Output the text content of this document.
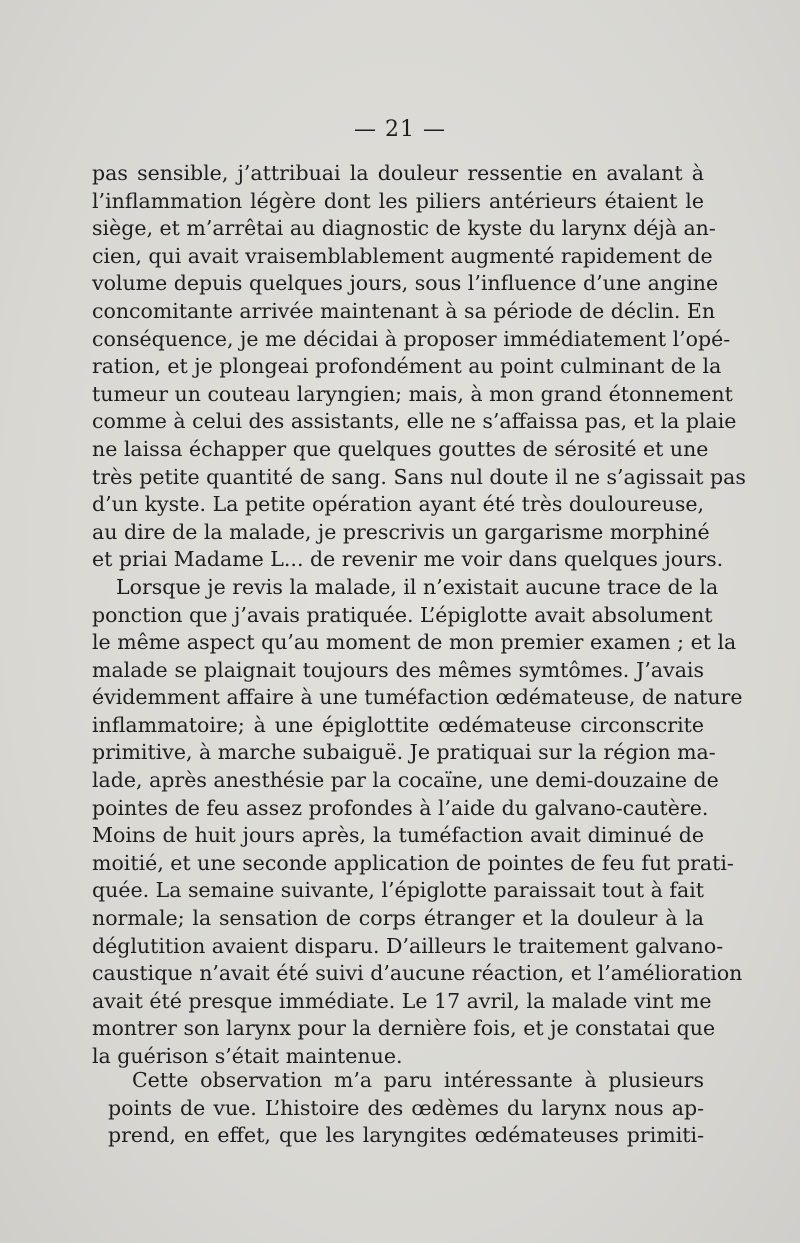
— 21 —
pas sensible, j’attribuai la douleur ressentie en avalant à
l’inflammation légère dont les piliers antérieurs étaient le
siège, et m’arrêtai au diagnostic de kyste du larynx déjà an-
cien, qui avait vraisemblablement augmenté rapidement de
volume depuis quelques jours, sous l’influence d’une angine
concomitante arrivée maintenant à sa période de déclin. En
conséquence, je me décidai à proposer immédiatement l’opé-
ration, et je plongeai profondément au point culminant de la
tumeur un couteau laryngien; mais, à mon grand étonnement
comme à celui des assistants, elle ne s’affaissa pas, et la plaie
ne laissa échapper que quelques gouttes de sérosité et une
très petite quantité de sang. Sans nul doute il ne s’agissait pas
d’un kyste. La petite opération ayant été très douloureuse,
au dire de la malade, je prescrivis un gargarisme morphiné
et priai Madame L... de revenir me voir dans quelques jours.
Lorsque je revis la malade, il n’existait aucune trace de la
ponction que j’avais pratiquée. L’épiglotte avait absolument
le même aspect qu’au moment de mon premier examen ; et la
malade se plaignait toujours des mêmes symtômes. J’avais
évidemment affaire à une tuméfaction œdémateuse, de nature
inflammatoire; à une épiglottite œdémateuse circonscrite
primitive, à marche subaiguë. Je pratiquai sur la région ma-
lade, après anesthésie par la cocaïne, une demi-douzaine de
pointes de feu assez profondes à l’aide du galvano-cautère.
Moins de huit jours après, la tuméfaction avait diminué de
moitié, et une seconde application de pointes de feu fut prati-
quée. La semaine suivante, l’épiglotte paraissait tout à fait
normale; la sensation de corps étranger et la douleur à la
déglutition avaient disparu. D’ailleurs le traitement galvano-
caustique n’avait été suivi d’aucune réaction, et l’amélioration
avait été presque immédiate. Le 17 avril, la malade vint me
montrer son larynx pour la dernière fois, et je constatai que
la guérison s’était maintenue.
Cette observation m’a paru intéressante à plusieurs
points de vue. L’histoire des œdèmes du larynx nous ap-
prend, en effet, que les laryngites œdémateuses primiti-
